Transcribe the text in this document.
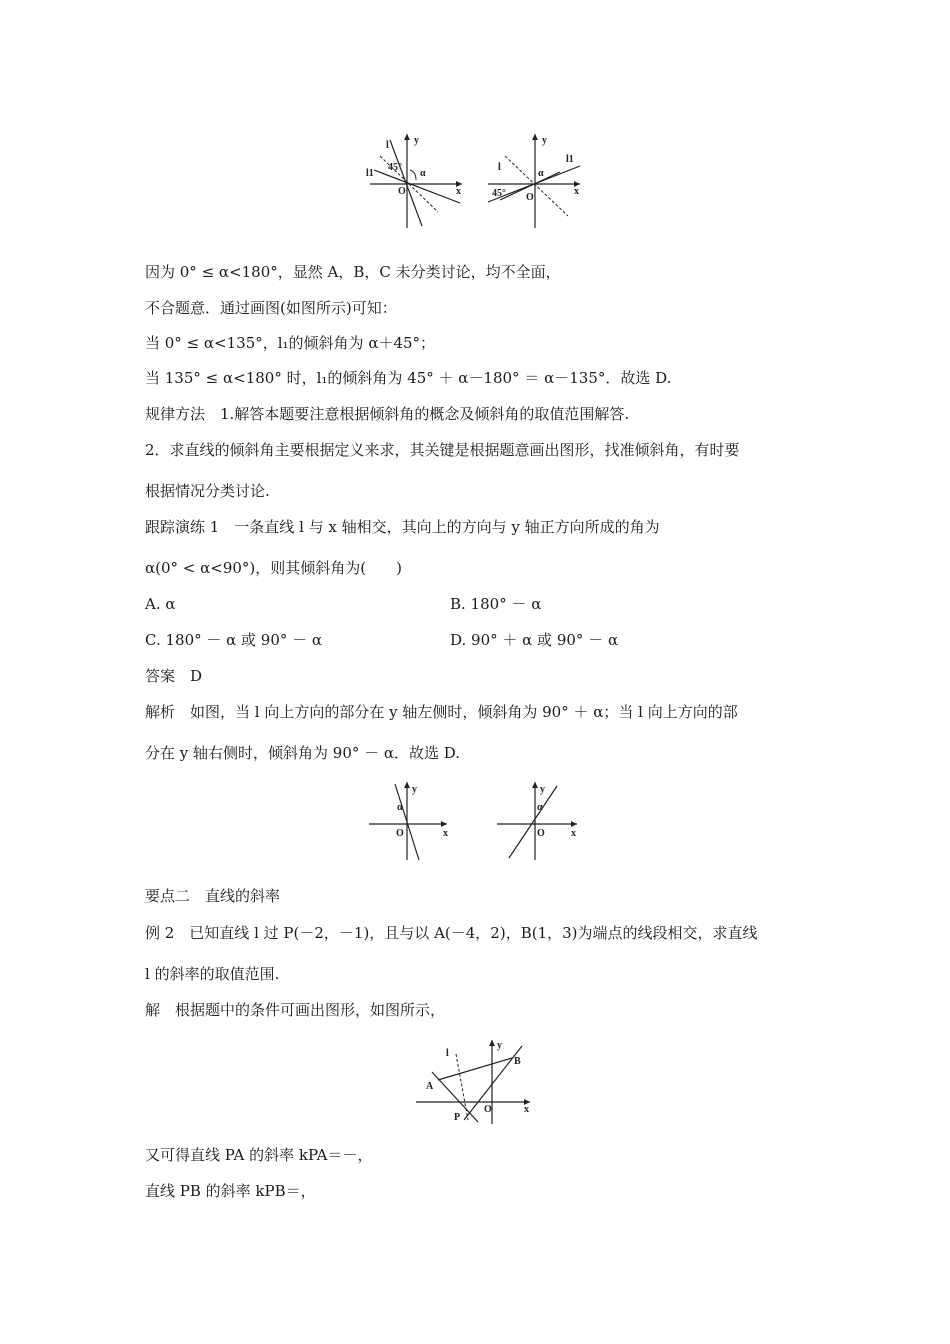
y
x
O
l
l1
45°
α
y
x
O
l
l1
45°
α
因为 0° ≤ α<180°，显然 A，B，C 未分类讨论，均不全面，
不合题意．通过画图(如图所示)可知：
当 0° ≤ α<135°，l₁的倾斜角为 α＋45°；
当 135° ≤ α<180° 时，l₁的倾斜角为 45° ＋ α－180° ＝ α－135°．故选 D.
规律方法　1.解答本题要注意根据倾斜角的概念及倾斜角的取值范围解答.
2．求直线的倾斜角主要根据定义来求，其关键是根据题意画出图形，找准倾斜角，有时要
根据情况分类讨论.
跟踪演练 1　一条直线 l 与 x 轴相交，其向上的方向与 y 轴正方向所成的角为
α(0° < α<90°)，则其倾斜角为(　　)
A. α	B. 180° － α
C. 180° － α 或 90° － α	D. 90° ＋ α 或 90° － α
答案　D
解析　如图，当 l 向上方向的部分在 y 轴左侧时，倾斜角为 90° ＋ α；当 l 向上方向的部
分在 y 轴右侧时，倾斜角为 90° － α．故选 D.
y
x
O
α
y
x
O
α
要点二　直线的斜率
例 2　已知直线 l 过 P(－2，－1)，且与以 A(－4，2)，B(1，3)为端点的线段相交，求直线
l 的斜率的取值范围.
解　根据题中的条件可画出图形，如图所示，
y
x
O
l
A
B
P
又可得直线 PA 的斜率 kPA＝－，
直线 PB 的斜率 kPB＝，
